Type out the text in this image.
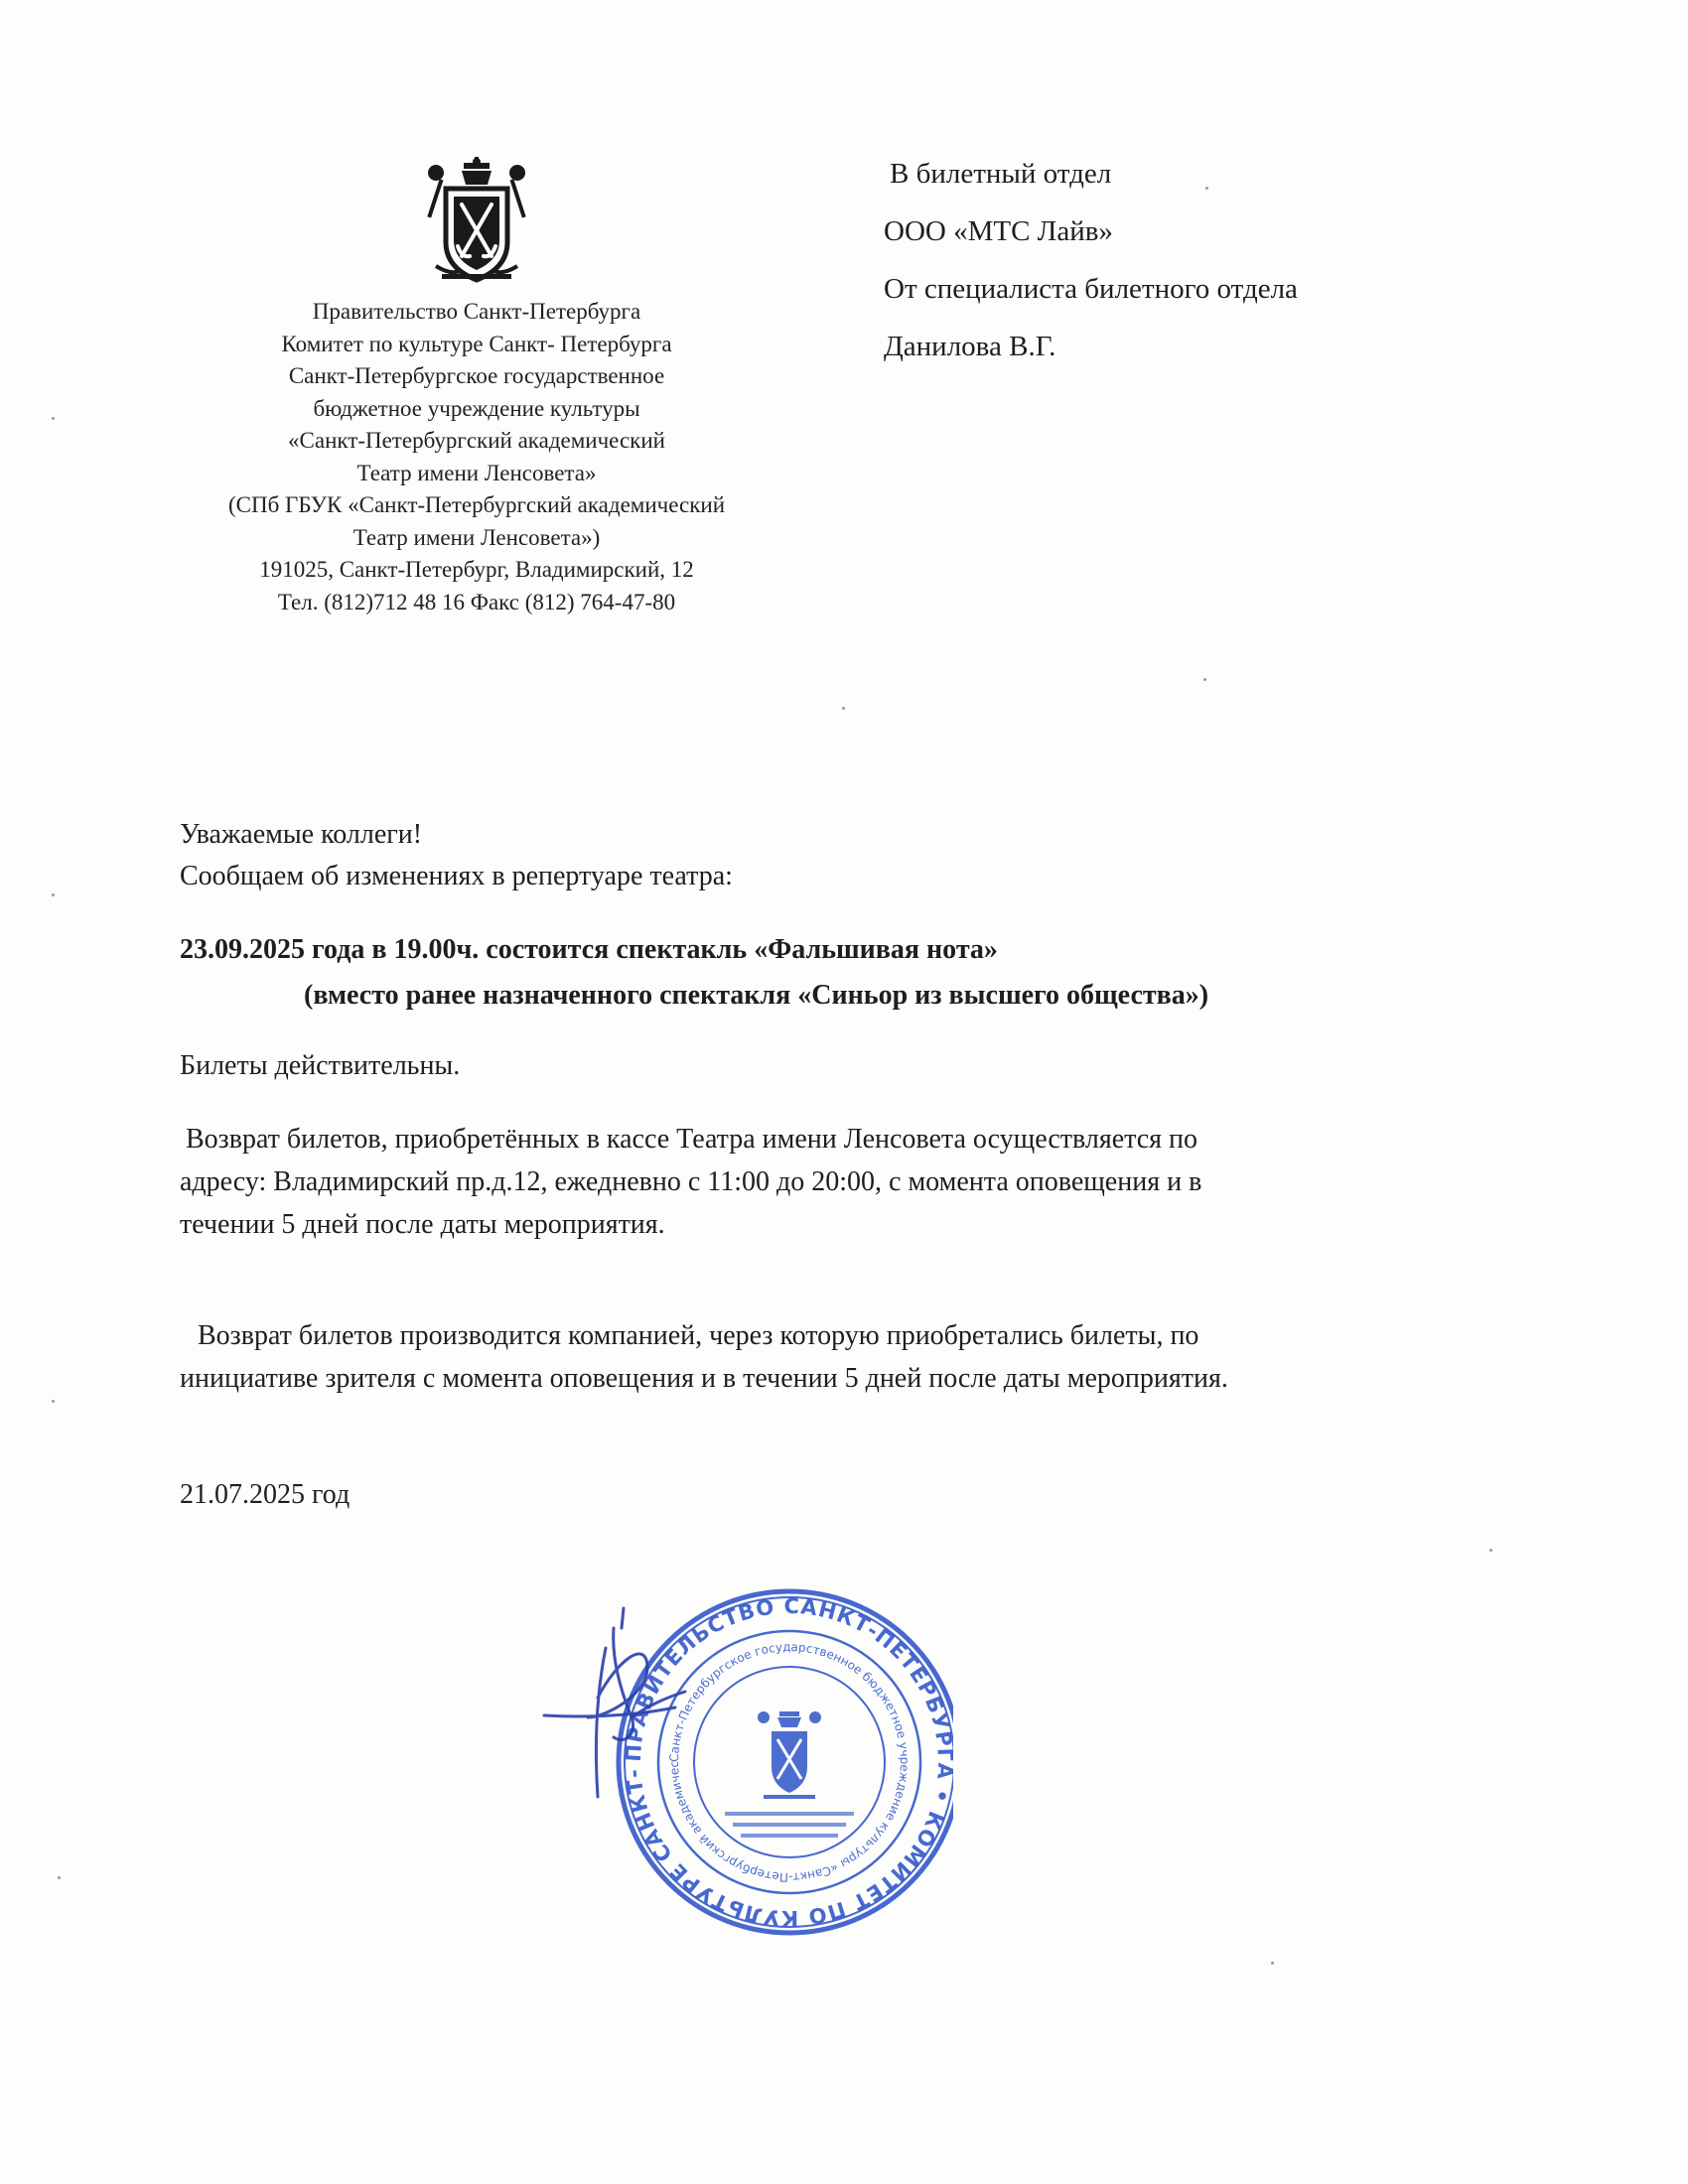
Правительство Санкт-Петербурга
Комитет по культуре Санкт- Петербурга
Санкт-Петербургское государственное
бюджетное учреждение культуры
«Санкт-Петербургский академический
Театр имени Ленсовета»
(СПб ГБУК «Санкт-Петербургский академический
Театр имени Ленсовета»)
191025, Санкт-Петербург, Владимирский, 12
Тел. (812)712 48 16 Факс (812) 764-47-80
В билетный отдел
ООО «МТС Лайв»
От специалиста билетного отдела
Данилова В.Г.
Уважаемые коллеги!
Сообщаем об изменениях в репертуаре театра:
23.09.2025 года в 19.00ч. состоится спектакль «Фальшивая нота»
(вместо ранее назначенного спектакля «Синьор из высшего общества»)
Билеты действительны.
Возврат билетов, приобретённых в кассе Театра имени Ленсовета осуществляется по
адресу: Владимирский пр.д.12, ежедневно с 11:00 до 20:00, с момента оповещения и в
течении 5 дней после даты мероприятия.
Возврат билетов производится компанией, через которую приобретались билеты, по
инициативе зрителя с момента оповещения и в течении 5 дней после даты мероприятия.
21.07.2025 год
ПРАВИТЕЛЬСТВО САНКТ-ПЕТЕРБУ • КОМИТЕТ ПО КУЛЬТУРЕ САНКТ-
Санкт-Петербургское государственное бюджетное учреждение культуры «Санкт-Петербургский академичес
